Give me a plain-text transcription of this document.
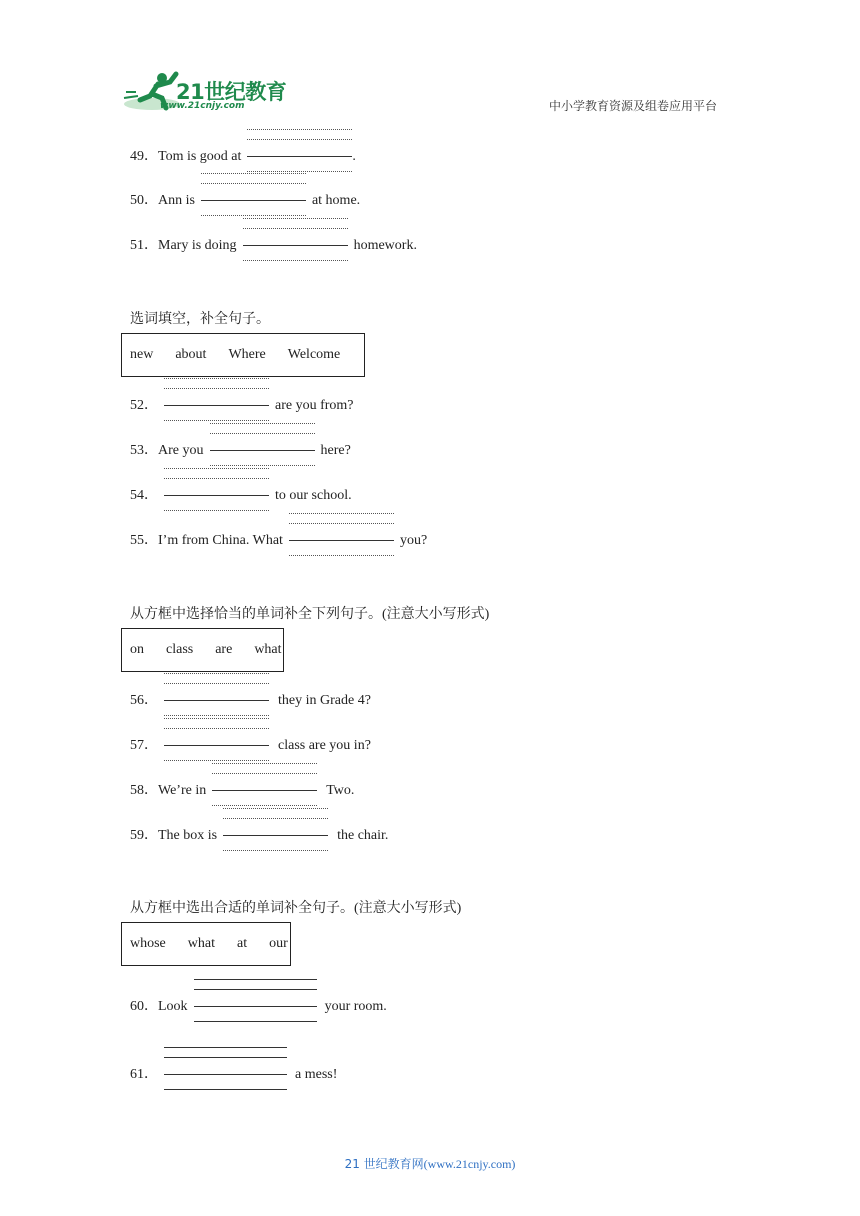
21世纪教育
www.21cnjy.com	中小学教育资源及组卷应用平台
49．Tom is good at	.
50．Ann is	at home.
51．Mary is doing	homework.
选词填空，补全句子。
new about Where Welcome
52．	are you from?
53．Are you	here?
54．	to our school.
55．I’m from China. What	you?
从方框中选择恰当的单词补全下列句子。(注意大小写形式)
on class are what
56．	they in Grade 4?
57．	class are you in?
58．We’re in	Two.
59．The box is	the chair.
从方框中选出合适的单词补全句子。(注意大小写形式)
whose what at our
60．Look	your room.
61．	a mess!
21 世纪教育网(www.21cnjy.com)
